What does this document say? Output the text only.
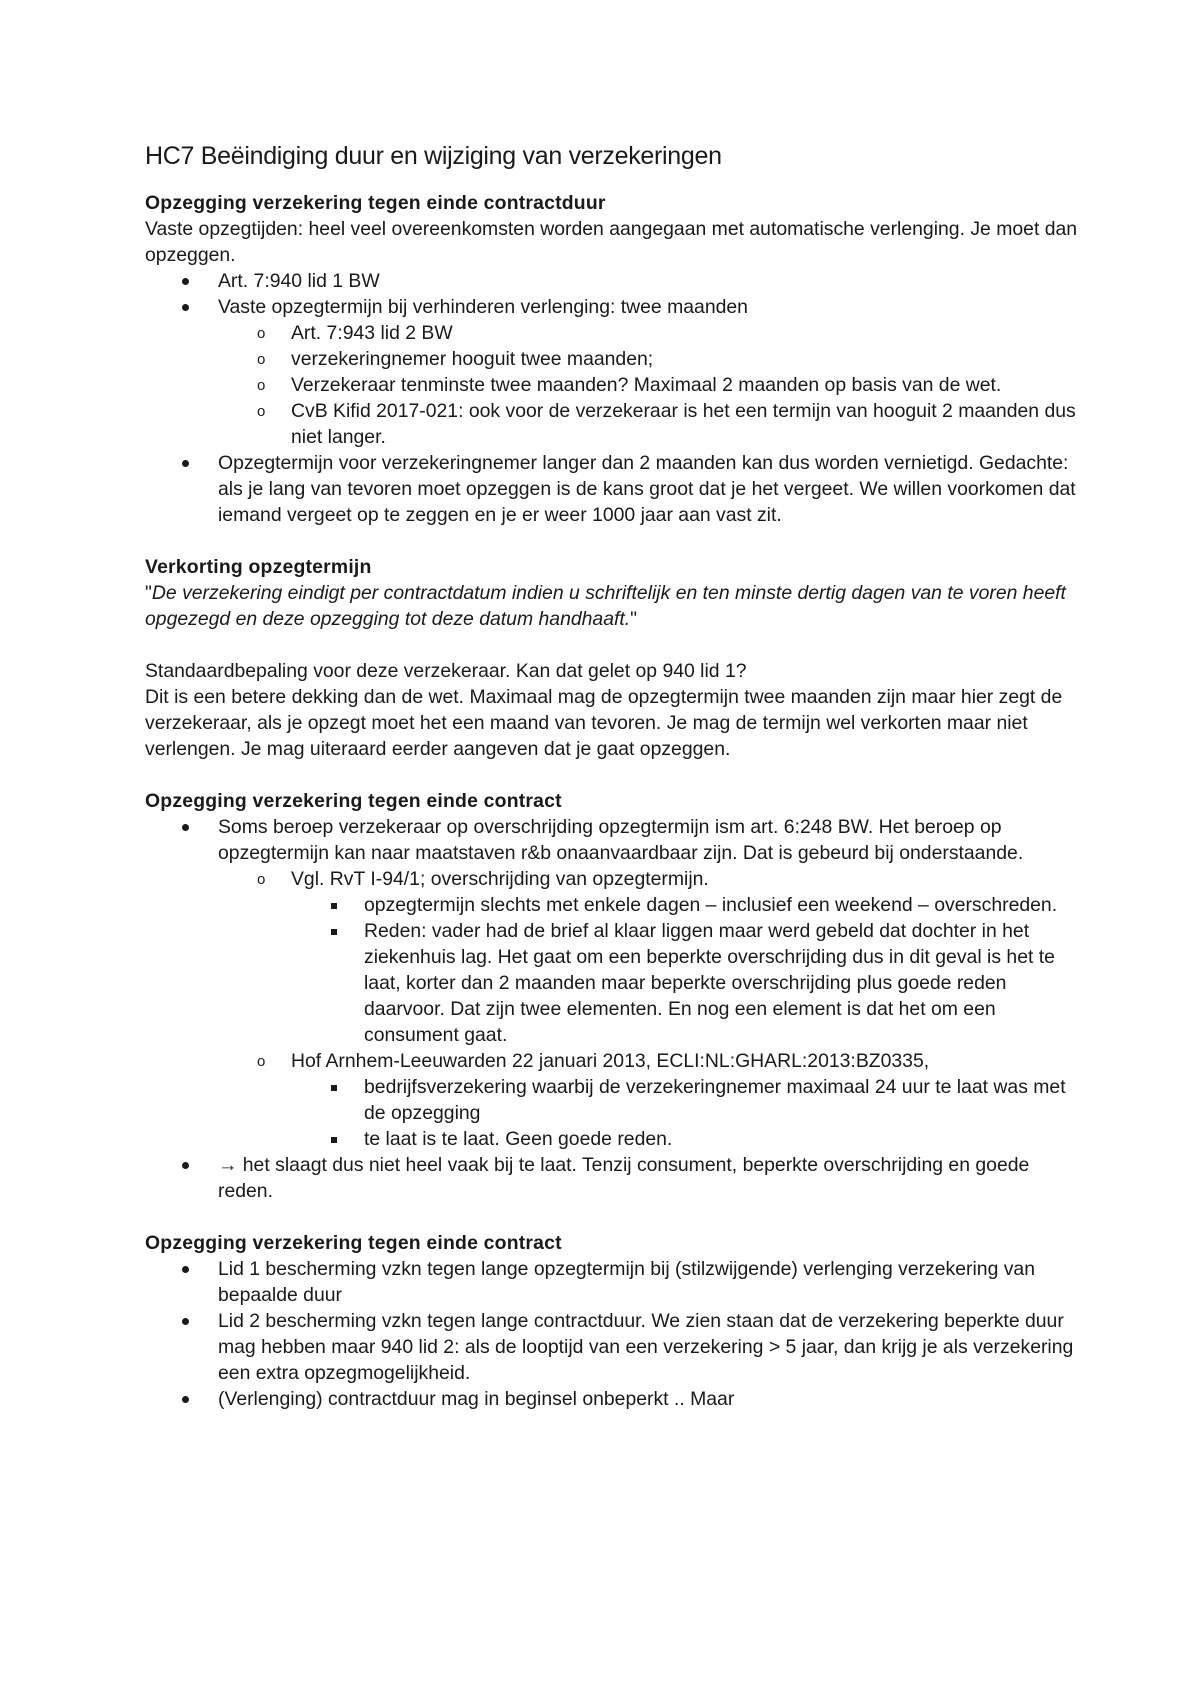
HC7 Beëindiging duur en wijziging van verzekeringen

Opzegging verzekering tegen einde contractduur

Vaste opzegtijden: heel veel overeenkomsten worden aangegaan met automatische verlenging. Je moet dan opzeggen.

Art. 7:940 lid 1 BW
Vaste opzegtermijn bij verhinderen verlenging: twee maanden
o Art. 7:943 lid 2 BW
o verzekeringnemer hooguit twee maanden;
o Verzekeraar tenminste twee maanden? Maximaal 2 maanden op basis van de wet.
o CvB Kifid 2017-021: ook voor de verzekeraar is het een termijn van hooguit 2 maanden dus niet langer.
Opzegtermijn voor verzekeringnemer langer dan 2 maanden kan dus worden vernietigd. Gedachte: als je lang van tevoren moet opzeggen is de kans groot dat je het vergeet. We willen voorkomen dat iemand vergeet op te zeggen en je er weer 1000 jaar aan vast zit.

Verkorting opzegtermijn

"De verzekering eindigt per contractdatum indien u schriftelijk en ten minste dertig dagen van te voren heeft opgezegd en deze opzegging tot deze datum handhaaft."

Standaardbepaling voor deze verzekeraar. Kan dat gelet op 940 lid 1?

Dit is een betere dekking dan de wet. Maximaal mag de opzegtermijn twee maanden zijn maar hier zegt de verzekeraar, als je opzegt moet het een maand van tevoren. Je mag de termijn wel verkorten maar niet verlengen. Je mag uiteraard eerder aangeven dat je gaat opzeggen.

Opzegging verzekering tegen einde contract

Soms beroep verzekeraar op overschrijding opzegtermijn ism art. 6:248 BW. Het beroep op opzegtermijn kan naar maatstaven r&b onaanvaardbaar zijn. Dat is gebeurd bij onderstaande.
o Vgl. RvT I-94/1; overschrijding van opzegtermijn.
opzegtermijn slechts met enkele dagen – inclusief een weekend – overschreden.
Reden: vader had de brief al klaar liggen maar werd gebeld dat dochter in het ziekenhuis lag. Het gaat om een beperkte overschrijding dus in dit geval is het te laat, korter dan 2 maanden maar beperkte overschrijding plus goede reden daarvoor. Dat zijn twee elementen. En nog een element is dat het om een consument gaat.
o Hof Arnhem-Leeuwarden 22 januari 2013, ECLI:NL:GHARL:2013:BZ0335,
bedrijfsverzekering waarbij de verzekeringnemer maximaal 24 uur te laat was met de opzegging
te laat is te laat. Geen goede reden.
→ het slaagt dus niet heel vaak bij te laat. Tenzij consument, beperkte overschrijding en goede reden.

Opzegging verzekering tegen einde contract

Lid 1 bescherming vzkn tegen lange opzegtermijn bij (stilzwijgende) verlenging verzekering van bepaalde duur
Lid 2 bescherming vzkn tegen lange contractduur. We zien staan dat de verzekering beperkte duur mag hebben maar 940 lid 2: als de looptijd van een verzekering > 5 jaar, dan krijg je als verzekering een extra opzegmogelijkheid.
(Verlenging) contractduur mag in beginsel onbeperkt .. Maar
